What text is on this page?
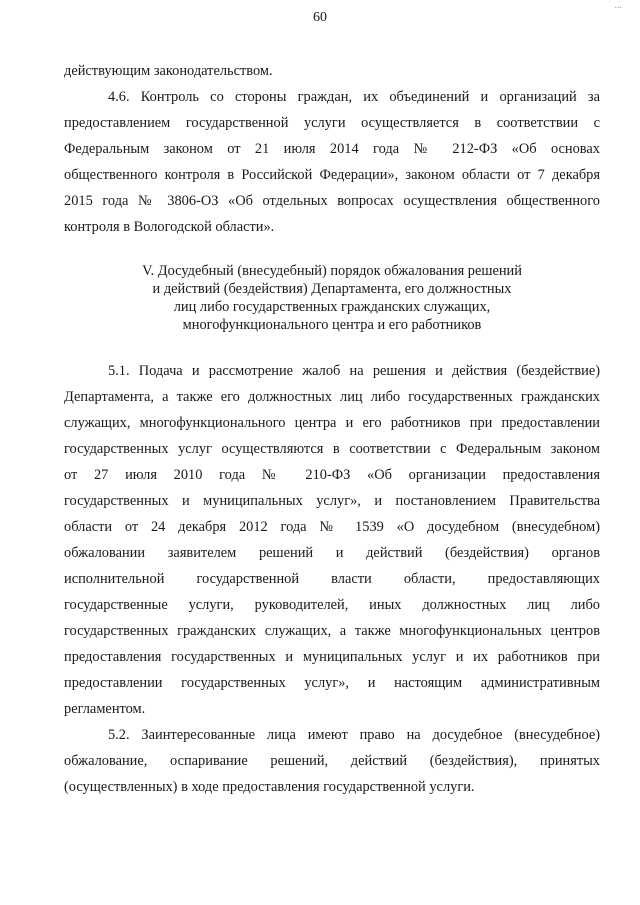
60
...
действующим законодательством.
4.6. Контроль со стороны граждан, их объединений и организаций за
предоставлением государственной услуги осуществляется в соответствии с
Федеральным законом от 21 июля 2014 года № 212-ФЗ «Об основах
общественного контроля в Российской Федерации», законом области от 7 декабря
2015 года № 3806-ОЗ «Об отдельных вопросах осуществления общественного
контроля в Вологодской области».
V. Досудебный (внесудебный) порядок обжалования решений
и действий (бездействия) Департамента, его должностных
лиц либо государственных гражданских служащих,
многофункционального центра и его работников
5.1. Подача и рассмотрение жалоб на решения и действия (бездействие)
Департамента, а также его должностных лиц либо государственных гражданских
служащих, многофункционального центра и его работников при предоставлении
государственных услуг осуществляются в соответствии с Федеральным законом
от 27 июля 2010 года № 210-ФЗ «Об организации предоставления
государственных и муниципальных услуг», и постановлением Правительства
области от 24 декабря 2012 года № 1539 «О досудебном (внесудебном)
обжаловании заявителем решений и действий (бездействия) органов
исполнительной государственной власти области, предоставляющих
государственные услуги, руководителей, иных должностных лиц либо
государственных гражданских служащих, а также многофункциональных центров
предоставления государственных и муниципальных услуг и их работников при
предоставлении государственных услуг», и настоящим административным
регламентом.
5.2. Заинтересованные лица имеют право на досудебное (внесудебное)
обжалование, оспаривание решений, действий (бездействия), принятых
(осуществленных) в ходе предоставления государственной услуги.
